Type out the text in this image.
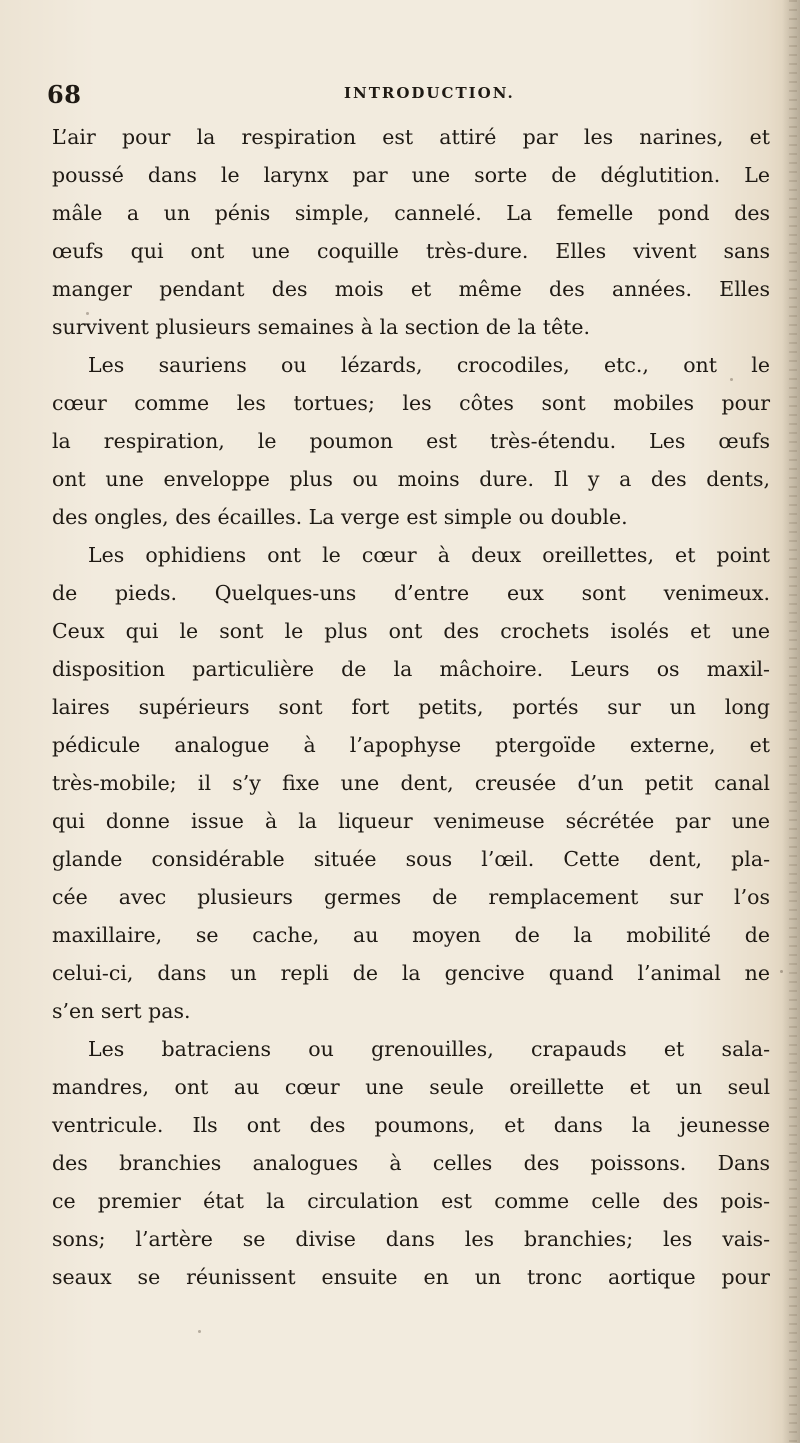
68	INTRODUCTION.
L’air pour la respiration est attiré par les narines, et
poussé dans le larynx par une sorte de déglutition. Le
mâle a un pénis simple, cannelé. La femelle pond des
œufs qui ont une coquille très-dure. Elles vivent sans
manger pendant des mois et même des années. Elles
survivent plusieurs semaines à la section de la tête.
Les sauriens ou lézards, crocodiles, etc., ont le
cœur comme les tortues; les côtes sont mobiles pour
la respiration, le poumon est très-étendu. Les œufs
ont une enveloppe plus ou moins dure. Il y a des dents,
des ongles, des écailles. La verge est simple ou double.
Les ophidiens ont le cœur à deux oreillettes, et point
de pieds. Quelques-uns d’entre eux sont venimeux.
Ceux qui le sont le plus ont des crochets isolés et une
disposition particulière de la mâchoire. Leurs os maxil-
laires supérieurs sont fort petits, portés sur un long
pédicule analogue à l’apophyse ptergoïde externe, et
très-mobile; il s’y fixe une dent, creusée d’un petit canal
qui donne issue à la liqueur venimeuse sécrétée par une
glande considérable située sous l’œil. Cette dent, pla-
cée avec plusieurs germes de remplacement sur l’os
maxillaire, se cache, au moyen de la mobilité de
celui-ci, dans un repli de la gencive quand l’animal ne
s’en sert pas.
Les batraciens ou grenouilles, crapauds et sala-
mandres, ont au cœur une seule oreillette et un seul
ventricule. Ils ont des poumons, et dans la jeunesse
des branchies analogues à celles des poissons. Dans
ce premier état la circulation est comme celle des pois-
sons; l’artère se divise dans les branchies; les vais-
seaux se réunissent ensuite en un tronc aortique pour
